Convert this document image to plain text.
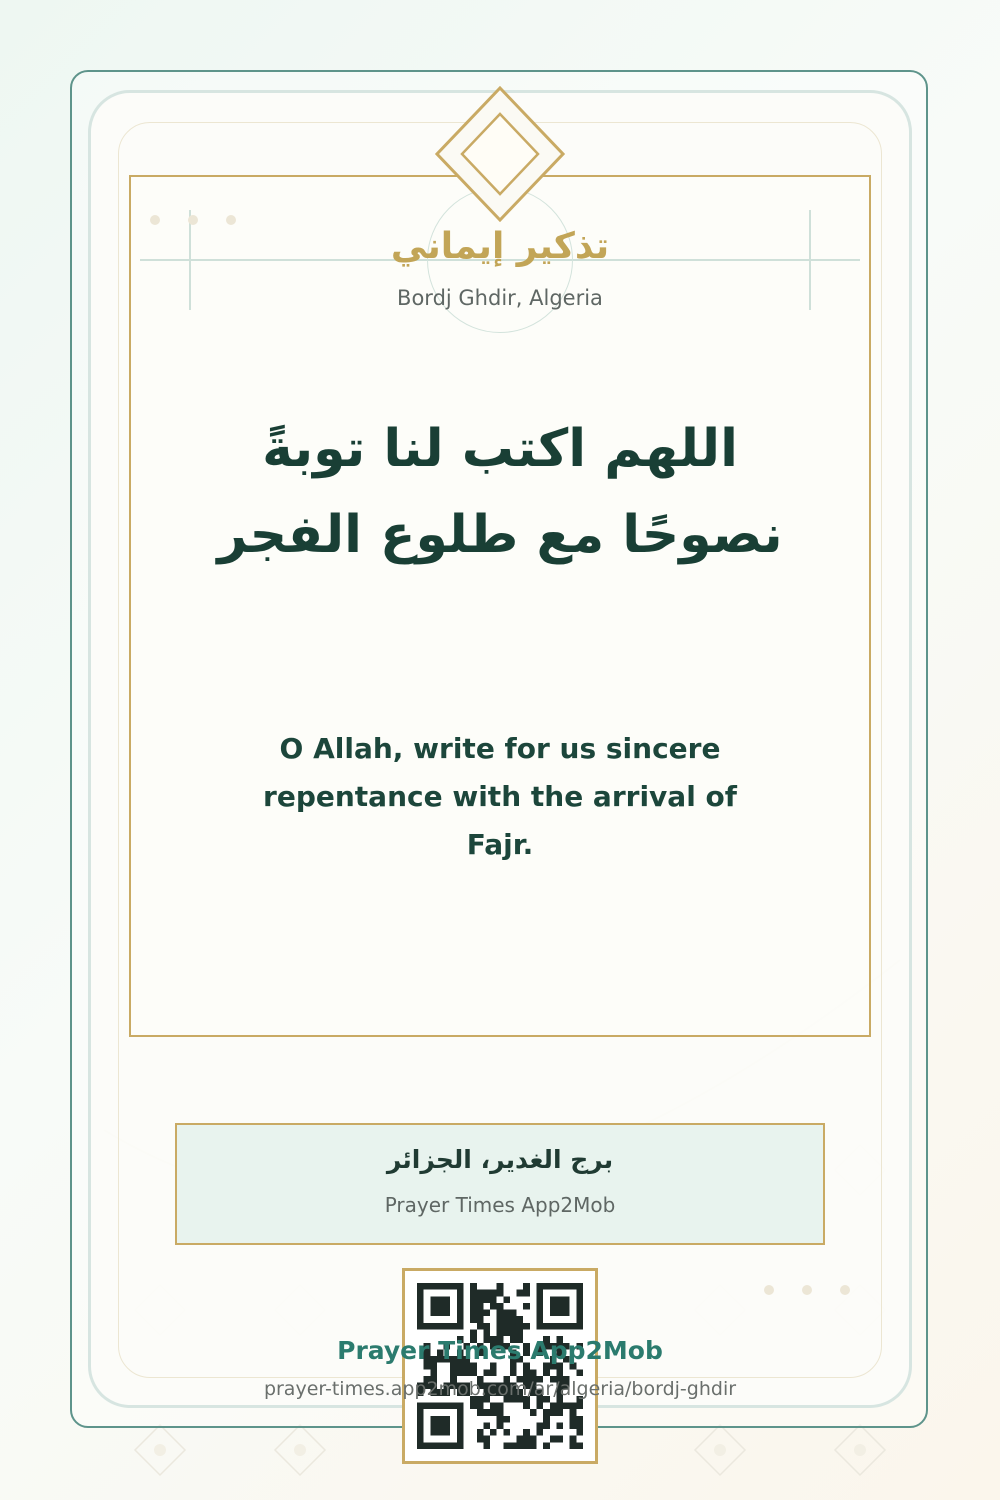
تذكير إيماني
Bordj Ghdir, Algeria
اللهم اكتب لنا توبةً
نصوحًا مع طلوع الفجر
O Allah, write for us sincere repentance with the arrival of Fajr.
برج الغدير، الجزائر
Prayer Times App2Mob
Prayer Times App2Mob
prayer-times.app2mob.com/ar/algeria/bordj-ghdir
